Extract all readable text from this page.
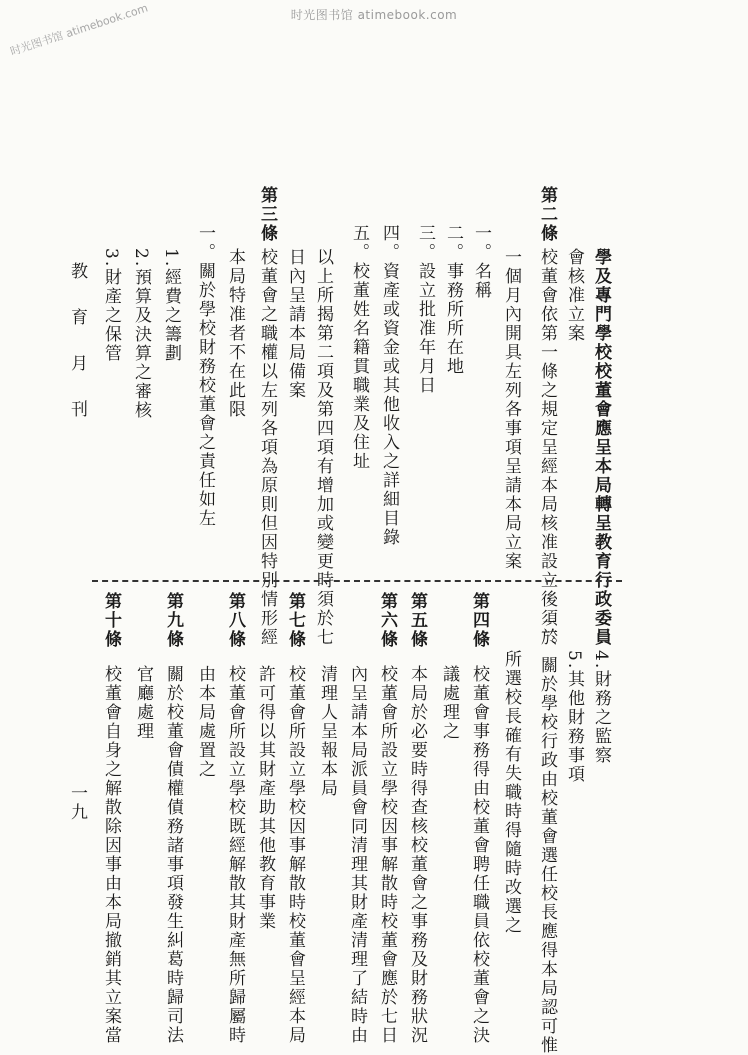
时光图书馆 atimebook.com
时光图书馆 atimebook.com
學及專門學校校董會應呈本局轉呈教育行政委員
會核准立案
第二條
校董會依第一條之規定呈經本局核准設立後須於
一個月內開具左列各事項呈請本局立案
一。名稱
二。事務所所在地
三。設立批准年月日
四。資產或資金或其他收入之詳細目錄
五。校董姓名籍貫職業及住址
以上所揭第二項及第四項有增加或變更時須於七
日內呈請本局備案
第三條
校董會之職權以左列各項為原則但因特別情形經
本局特准者不在此限
一。關於學校財務校董會之責任如左
1.經費之籌劃
2.預算及決算之審核
3.財產之保管
教　育　月　刊
4.財務之監察
5.其他財務事項
二。關於學校行政由校董會選任校長應得本局認可惟
所選校長確有失職時得隨時改選之
第四條
校董會事務得由校董會聘任職員依校董會之決
議處理之
第五條
本局於必要時得查核校董會之事務及財務狀況
第六條
校董會所設立學校因事解散時校董會應於七日
內呈請本局派員會同清理其財產清理了結時由
清理人呈報本局
第七條
校董會所設立學校因事解散時校董會呈經本局
許可得以其財產助其他教育事業
第八條
校董會所設立學校既經解散其財產無所歸屬時
由本局處置之
第九條
關於校董會債權債務諸事項發生糾葛時歸司法
官廳處理
第十條
校董會自身之解散除因事由本局撤銷其立案當
一九
